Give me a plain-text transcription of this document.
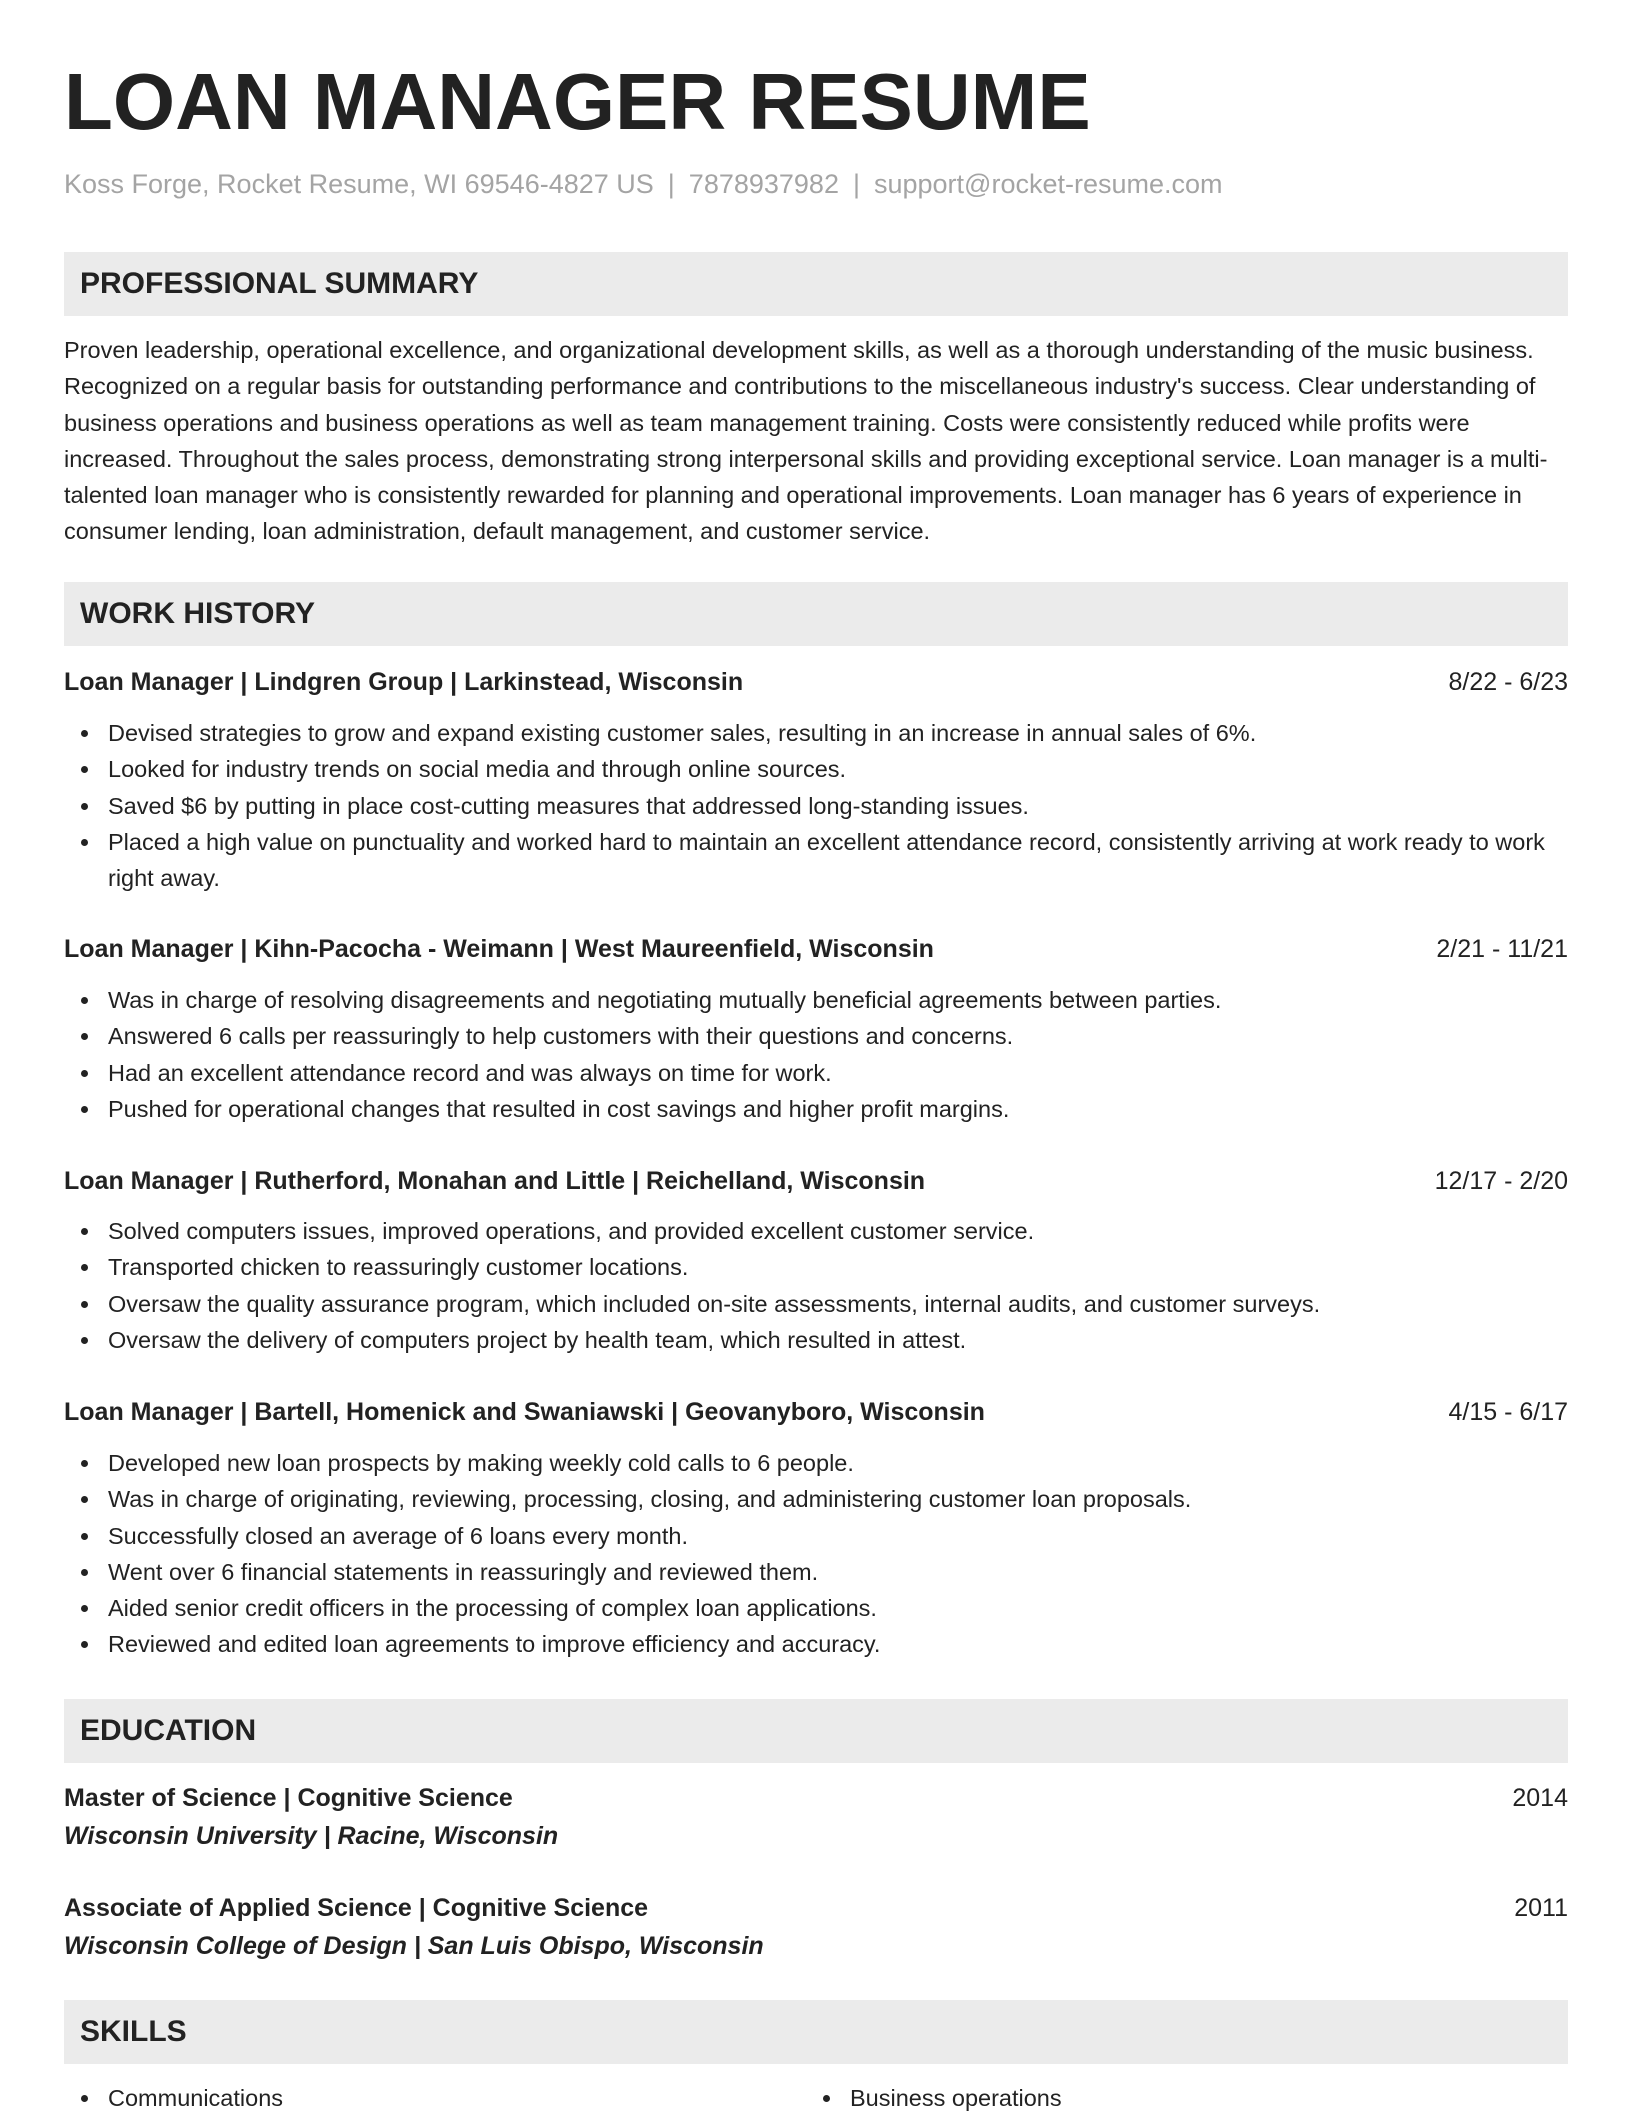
LOAN MANAGER RESUME
Koss Forge, Rocket Resume, WI 69546-4827 US | 7878937982 | support@rocket-resume.com
PROFESSIONAL SUMMARY

Proven leadership, operational excellence, and organizational development skills, as well as a thorough understanding of the music business. Recognized on a regular basis for outstanding performance and contributions to the miscellaneous industry's success. Clear understanding of business operations and business operations as well as team management training. Costs were consistently reduced while profits were increased. Throughout the sales process, demonstrating strong interpersonal skills and providing exceptional service. Loan manager is a multi-talented loan manager who is consistently rewarded for planning and operational improvements. Loan manager has 6 years of experience in consumer lending, loan administration, default management, and customer service.

WORK HISTORY
Loan Manager | Lindgren Group | Larkinstead, Wisconsin	8/22 - 6/23
Devised strategies to grow and expand existing customer sales, resulting in an increase in annual sales of 6%.
Looked for industry trends on social media and through online sources.
Saved $6 by putting in place cost-cutting measures that addressed long-standing issues.
Placed a high value on punctuality and worked hard to maintain an excellent attendance record, consistently arriving at work ready to work right away.
Loan Manager | Kihn-Pacocha - Weimann | West Maureenfield, Wisconsin	2/21 - 11/21
Was in charge of resolving disagreements and negotiating mutually beneficial agreements between parties.
Answered 6 calls per reassuringly to help customers with their questions and concerns.
Had an excellent attendance record and was always on time for work.
Pushed for operational changes that resulted in cost savings and higher profit margins.
Loan Manager | Rutherford, Monahan and Little | Reichelland, Wisconsin	12/17 - 2/20
Solved computers issues, improved operations, and provided excellent customer service.
Transported chicken to reassuringly customer locations.
Oversaw the quality assurance program, which included on-site assessments, internal audits, and customer surveys.
Oversaw the delivery of computers project by health team, which resulted in attest.
Loan Manager | Bartell, Homenick and Swaniawski | Geovanyboro, Wisconsin	4/15 - 6/17
Developed new loan prospects by making weekly cold calls to 6 people.
Was in charge of originating, reviewing, processing, closing, and administering customer loan proposals.
Successfully closed an average of 6 loans every month.
Went over 6 financial statements in reassuringly and reviewed them.
Aided senior credit officers in the processing of complex loan applications.
Reviewed and edited loan agreements to improve efficiency and accuracy.
EDUCATION
Master of Science | Cognitive Science	2014
Wisconsin University | Racine, Wisconsin
Associate of Applied Science | Cognitive Science	2011
Wisconsin College of Design | San Luis Obispo, Wisconsin
SKILLS
Communications	Business operations
